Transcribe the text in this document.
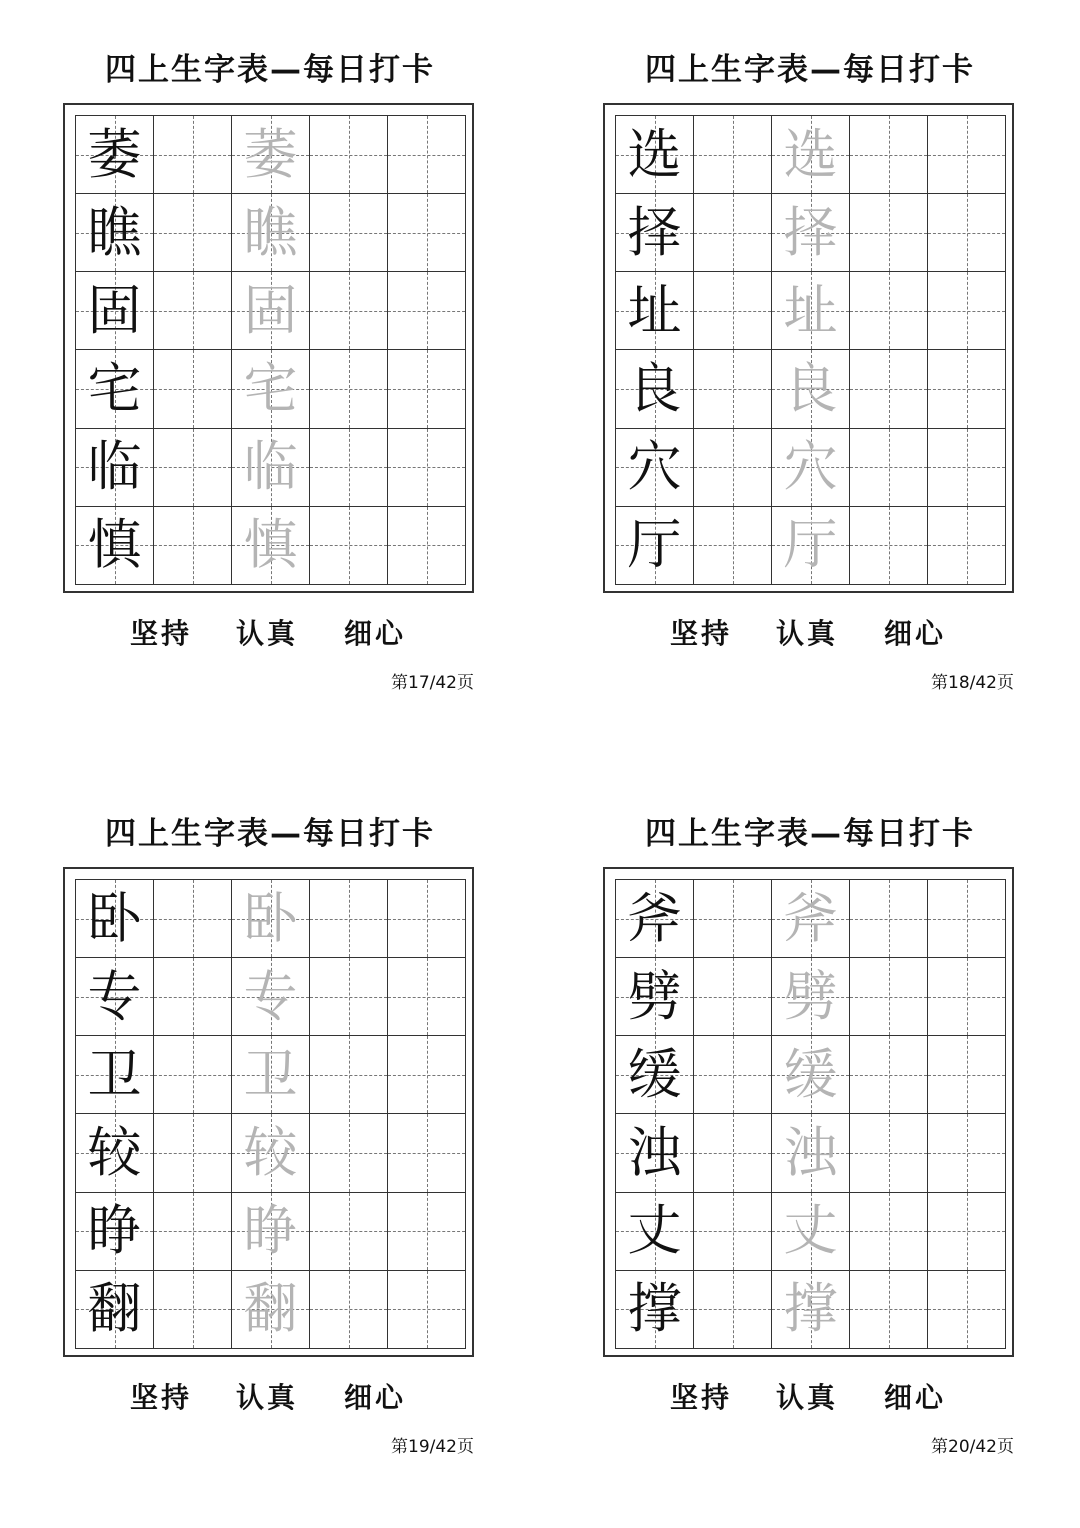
四上生字表—每日打卡
萎 萎
瞧 瞧
固 固
宅 宅
临 临
慎 慎
坚持 认真 细心
第17/42页
四上生字表—每日打卡
选 选
择 择
址 址
良 良
穴 穴
厅 厅
坚持 认真 细心
第18/42页
四上生字表—每日打卡
卧 卧
专 专
卫 卫
较 较
睁 睁
翻 翻
坚持 认真 细心
第19/42页
四上生字表—每日打卡
斧 斧
劈 劈
缓 缓
浊 浊
丈 丈
撑 撑
坚持 认真 细心
第20/42页
